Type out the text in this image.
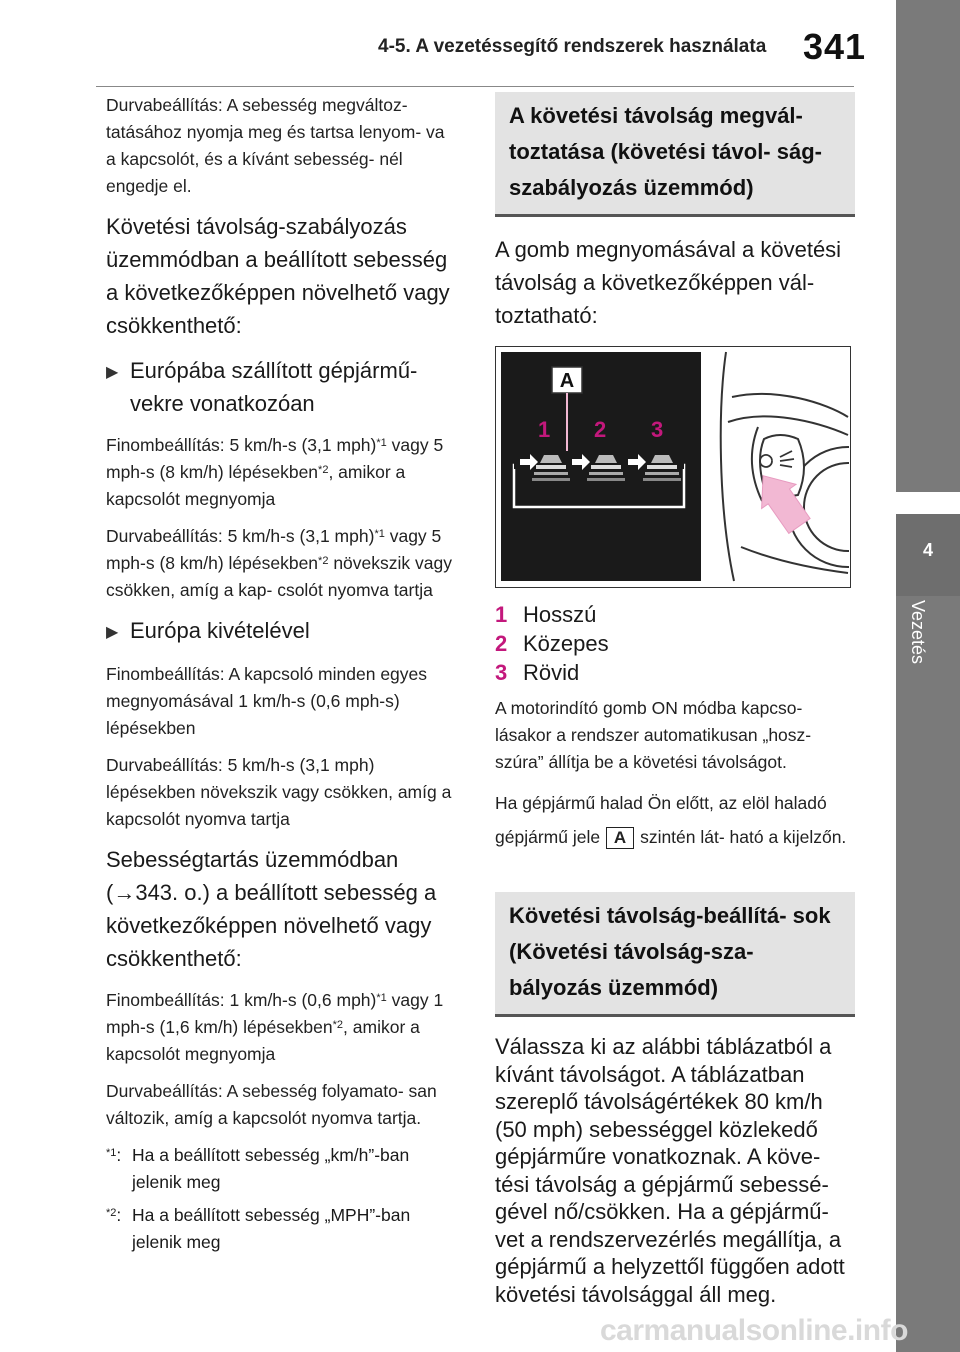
4-5. A vezetéssegítő rendszerek használata 341
4
Vezetés

Durvabeállítás: A sebesség megváltoz- tatásához nyomja meg és tartsa lenyom- va a kapcsolót, és a kívánt sebesség- nél engedje el.

Követési távolság-szabályozás üzemmódban a beállított sebesség a következőképpen növelhető vagy csökkenthető:

▶ Európába szállított gépjármű- vekre vonatkozóan

Finombeállítás: 5 km/h-s (3,1 mph)$^{*1}$ vagy 5 mph-s (8 km/h) lépésekben$^{*2}$, amikor a kapcsolót megnyomja

Durvabeállítás: 5 km/h-s (3,1 mph)$^{*1}$ vagy 5 mph-s (8 km/h) lépésekben$^{*2}$ növekszik vagy csökken, amíg a kap- csolót nyomva tartja

▶ Európa kivételével

Finombeállítás: A kapcsoló minden egyes megnyomásával 1 km/h-s (0,6 mph-s) lépésekben

Durvabeállítás: 5 km/h-s (3,1 mph) lépésekben növekszik vagy csökken, amíg a kapcsolót nyomva tartja

Sebességtartás üzemmódban (→343. o.) a beállított sebesség a következőképpen növelhető vagy csökkenthető:

Finombeállítás: 1 km/h-s (0,6 mph)$^{*1}$ vagy 1 mph-s (1,6 km/h) lépésekben$^{*2}$, amikor a kapcsolót megnyomja

Durvabeállítás: A sebesség folyamato- san változik, amíg a kapcsolót nyomva tartja.

$^{*1}$: Ha a beállított sebesség „km/h”-ban jelenik meg
$^{*2}$: Ha a beállított sebesség „MPH”-ban jelenik meg
A követési távolság megvál- toztatása (követési távol- ság-szabályozás üzemmód)

A gomb megnyomásával a követési távolság a következőképpen vál- toztatható:

A
1 2 3
1 Hosszú
2 Közepes
3 Rövid

A motorindító gomb ON módba kapcso- lásakor a rendszer automatikusan „hosz- szúra” állítja be a követési távolságot.

Ha gépjármű halad Ön előtt, az elöl haladó gépjármű jele A szintén lát- ható a kijelzőn.

Követési távolság-beállítá- sok (Követési távolság-sza- bályozás üzemmód)

Válassza ki az alábbi táblázatból a kívánt távolságot. A táblázatban szereplő távolságértékek 80 km/h (50 mph) sebességgel közlekedő gépjárműre vonatkoznak. A köve- tési távolság a gépjármű sebessé- gével nő/csökken. Ha a gépjármű- vet a rendszervezérlés megállítja, a gépjármű a helyzettől függően adott követési távolsággal áll meg.

carmanualsonline.info
